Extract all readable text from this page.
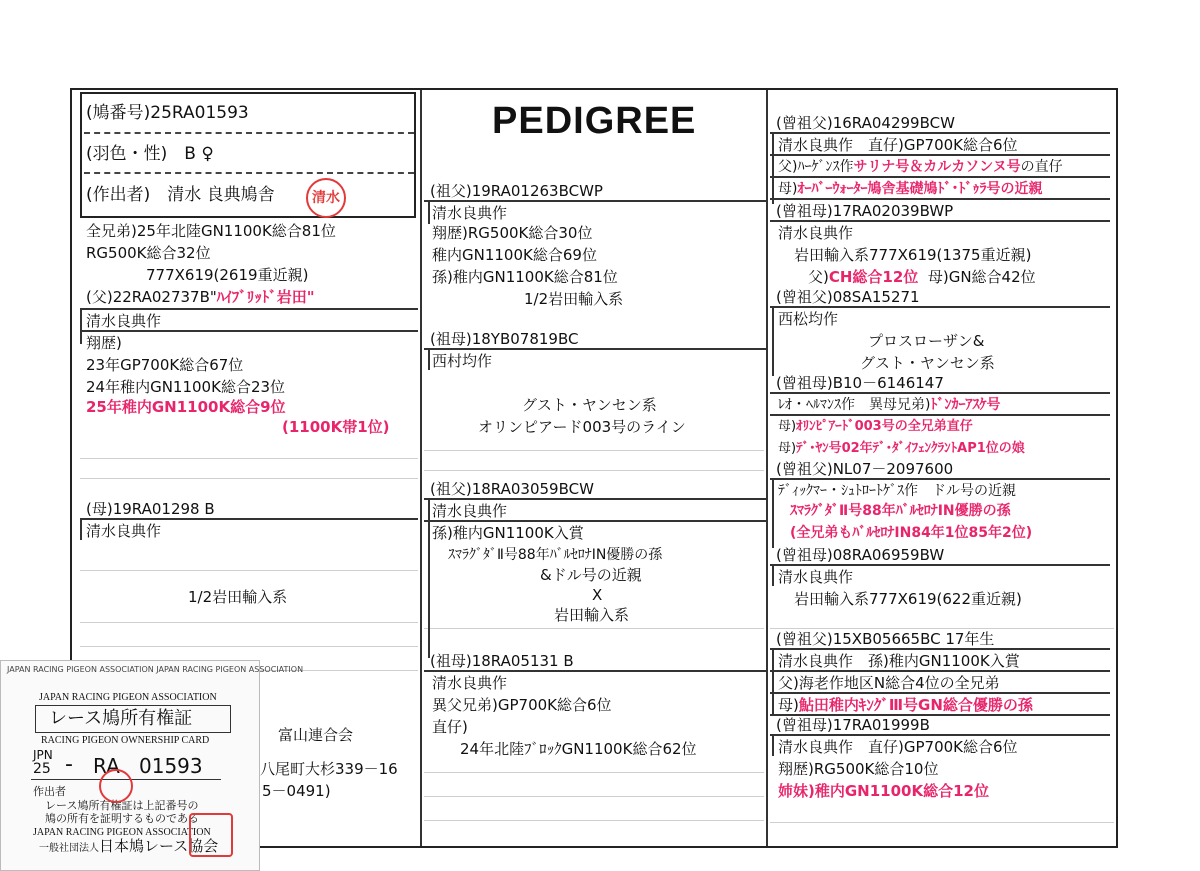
PEDIGREE
(鳩番号)25RA01593
(羽色・性)　B ♀
(作出者)　清水 良典鳩舎	清水
全兄弟)25年北陸GN1100K総合81位
RG500K総合32位
777X619(2619重近親)
(父)22RA02737B"ﾊｲﾌﾞﾘｯﾄﾞ岩田"
清水良典作
翔歴)
23年GP700K総合67位
24年稚内GN1100K総合23位
25年稚内GN1100K総合9位
(1100K帯1位)
(母)19RA01298 B
清水良典作
1/2岩田輸入系
(祖父)19RA01263BCWP
清水良典作
翔歴)RG500K総合30位
稚内GN1100K総合69位
孫)稚内GN1100K総合81位
1/2岩田輸入系
(祖母)18YB07819BC
西村均作
グスト・ヤンセン系
オリンピアード003号のライン
(祖父)18RA03059BCW
清水良典作
孫)稚内GN1100K入賞
ｽﾏﾗｸﾞﾀﾞⅡ号88年ﾊﾞﾙｾﾛﾅIN優勝の孫
&ドル号の近親
X
岩田輸入系
(祖母)18RA05131 B
清水良典作
異父兄弟)GP700K総合6位
直仔)
24年北陸ﾌﾞﾛｯｸGN1100K総合62位
(曾祖父)16RA04299BCW
清水良典作　直仔)GP700K総合6位
父)ﾊｰｹﾞﾝｽ作サリナ号＆カルカソンヌ号の直仔
母)ｵｰﾊﾞｰｳｫｰﾀｰ鳩舎基礎鳩ﾄﾞ･ﾄﾞｩﾗ号の近親
(曾祖母)17RA02039BWP
清水良典作
岩田輸入系777X619(1375重近親)
父)CH総合12位 母)GN総合42位
(曾祖父)08SA15271
西松均作
プロスローザン&
グスト・ヤンセン系
(曾祖母)B10－6146147
ﾚｵ・ﾍﾙﾏﾝｽ作　異母兄弟)ﾄﾞﾝｶｰｱｽｹ号
母)ｵﾘﾝﾋﾟｱｰﾄﾞ003号の全兄弟直仔
母)ﾃﾞ･ﾔﾝ号02年ﾃﾞ･ﾀﾞｲﾌｪﾝｸﾗﾝﾄAP1位の娘
(曾祖父)NL07－2097600
ﾃﾞｨｯｸﾏｰ・ｼｭﾄﾛｰﾄｹﾞｽ作　ドル号の近親
ｽﾏﾗｸﾞﾀﾞⅡ号88年ﾊﾞﾙｾﾛﾅIN優勝の孫
(全兄弟もﾊﾞﾙｾﾛﾅIN84年1位85年2位)
(曾祖母)08RA06959BW
清水良典作
岩田輸入系777X619(622重近親)
(曾祖父)15XB05665BC 17年生
清水良典作　孫)稚内GN1100K入賞
父)海老作地区N総合4位の全兄弟
母)鮎田稚内ｷﾝｸﾞⅢ号GN総合優勝の孫
(曾祖母)17RA01999B
清水良典作　直仔)GP700K総合6位
翔歴)RG500K総合10位
姉妹)稚内GN1100K総合12位
富山連合会
八尾町大杉339－16
5－0491)
JAPAN RACING PIGEON ASSOCIATION JAPAN RACING PIGEON ASSOCIATION
JAPAN RACING PIGEON ASSOCIATION
レース鳩所有権証
RACING PIGEON OWNERSHIP CARD
JPN
25 - RA 01593
作出者
レース鳩所有権証は上記番号の
鳩の所有を証明するものである
JAPAN RACING PIGEON ASSOCIATION
一般社団法人 日本鳩レース協会
